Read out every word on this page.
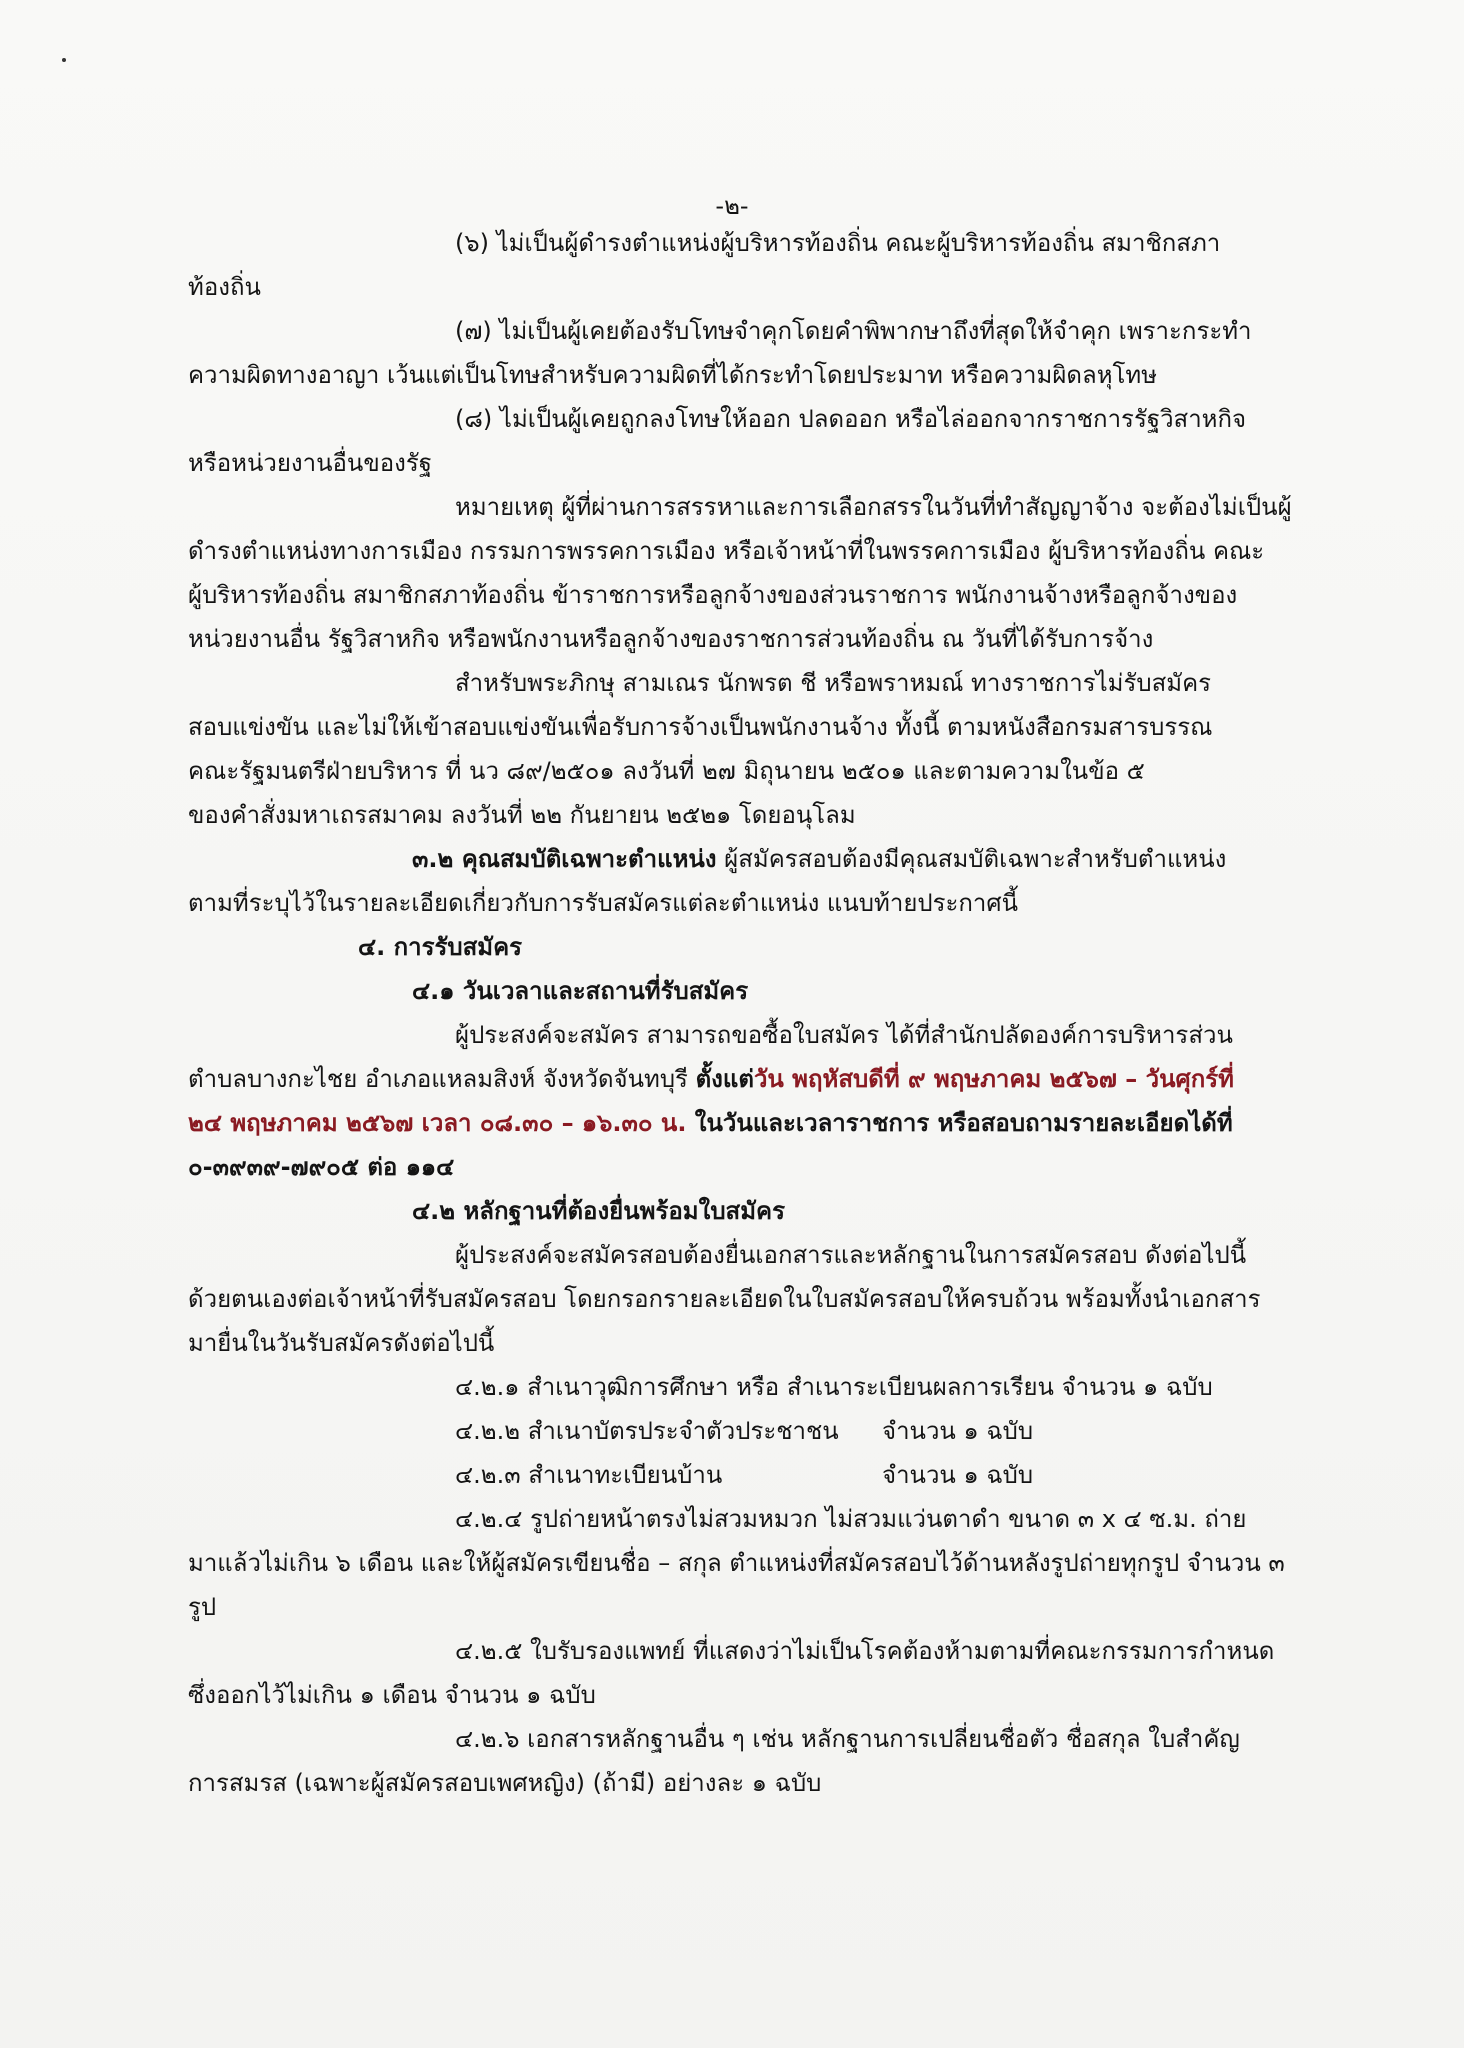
-๒-
(๖) ไม่เป็นผู้ดำรงตำแหน่งผู้บริหารท้องถิ่น คณะผู้บริหารท้องถิ่น สมาชิกสภา
ท้องถิ่น
(๗) ไม่เป็นผู้เคยต้องรับโทษจำคุกโดยคำพิพากษาถึงที่สุดให้จำคุก เพราะกระทำ
ความผิดทางอาญา เว้นแต่เป็นโทษสำหรับความผิดที่ได้กระทำโดยประมาท หรือความผิดลหุโทษ
(๘) ไม่เป็นผู้เคยถูกลงโทษให้ออก ปลดออก หรือไล่ออกจากราชการรัฐวิสาหกิจ
หรือหน่วยงานอื่นของรัฐ
หมายเหตุ ผู้ที่ผ่านการสรรหาและการเลือกสรรในวันที่ทำสัญญาจ้าง จะต้องไม่เป็นผู้
ดำรงตำแหน่งทางการเมือง กรรมการพรรคการเมือง หรือเจ้าหน้าที่ในพรรคการเมือง ผู้บริหารท้องถิ่น คณะ
ผู้บริหารท้องถิ่น สมาชิกสภาท้องถิ่น ข้าราชการหรือลูกจ้างของส่วนราชการ พนักงานจ้างหรือลูกจ้างของ
หน่วยงานอื่น รัฐวิสาหกิจ หรือพนักงานหรือลูกจ้างของราชการส่วนท้องถิ่น ณ วันที่ได้รับการจ้าง
สำหรับพระภิกษุ สามเณร นักพรต ชี หรือพราหมณ์ ทางราชการไม่รับสมัคร
สอบแข่งขัน และไม่ให้เข้าสอบแข่งขันเพื่อรับการจ้างเป็นพนักงานจ้าง ทั้งนี้ ตามหนังสือกรมสารบรรณ
คณะรัฐมนตรีฝ่ายบริหาร ที่ นว ๘๙/๒๕๐๑ ลงวันที่ ๒๗ มิถุนายน ๒๕๐๑ และตามความในข้อ ๕
ของคำสั่งมหาเถรสมาคม ลงวันที่ ๒๒ กันยายน ๒๕๒๑ โดยอนุโลม
๓.๒ คุณสมบัติเฉพาะตำแหน่ง ผู้สมัครสอบต้องมีคุณสมบัติเฉพาะสำหรับตำแหน่ง
ตามที่ระบุไว้ในรายละเอียดเกี่ยวกับการรับสมัครแต่ละตำแหน่ง แนบท้ายประกาศนี้
๔. การรับสมัคร
๔.๑ วันเวลาและสถานที่รับสมัคร
ผู้ประสงค์จะสมัคร สามารถขอซื้อใบสมัคร ได้ที่สำนักปลัดองค์การบริหารส่วน
ตำบลบางกะไชย อำเภอแหลมสิงห์ จังหวัดจันทบุรี ตั้งแต่วัน พฤหัสบดีที่ ๙ พฤษภาคม ๒๕๖๗ – วันศุกร์ที่
๒๔ พฤษภาคม ๒๕๖๗ เวลา ๐๘.๓๐ – ๑๖.๓๐ น. ในวันและเวลาราชการ หรือสอบถามรายละเอียดได้ที่
๐-๓๙๓๙-๗๙๐๕ ต่อ ๑๑๔
๔.๒ หลักฐานที่ต้องยื่นพร้อมใบสมัคร
ผู้ประสงค์จะสมัครสอบต้องยื่นเอกสารและหลักฐานในการสมัครสอบ ดังต่อไปนี้
ด้วยตนเองต่อเจ้าหน้าที่รับสมัครสอบ โดยกรอกรายละเอียดในใบสมัครสอบให้ครบถ้วน พร้อมทั้งนำเอกสาร
มายื่นในวันรับสมัครดังต่อไปนี้
๔.๒.๑ สำเนาวุฒิการศึกษา หรือ สำเนาระเบียนผลการเรียน จำนวน ๑ ฉบับ
๔.๒.๒ สำเนาบัตรประจำตัวประชาชน จำนวน ๑ ฉบับ
๔.๒.๓ สำเนาทะเบียนบ้าน	จำนวน ๑ ฉบับ
๔.๒.๔ รูปถ่ายหน้าตรงไม่สวมหมวก ไม่สวมแว่นตาดำ ขนาด ๓ x ๔ ซ.ม. ถ่าย
มาแล้วไม่เกิน ๖ เดือน และให้ผู้สมัครเขียนชื่อ – สกุล ตำแหน่งที่สมัครสอบไว้ด้านหลังรูปถ่ายทุกรูป จำนวน ๓
รูป
๔.๒.๕ ใบรับรองแพทย์ ที่แสดงว่าไม่เป็นโรคต้องห้ามตามที่คณะกรรมการกำหนด
ซึ่งออกไว้ไม่เกิน ๑ เดือน จำนวน ๑ ฉบับ
๔.๒.๖ เอกสารหลักฐานอื่น ๆ เช่น หลักฐานการเปลี่ยนชื่อตัว ชื่อสกุล ใบสำคัญ
การสมรส (เฉพาะผู้สมัครสอบเพศหญิง) (ถ้ามี) อย่างละ ๑ ฉบับ
